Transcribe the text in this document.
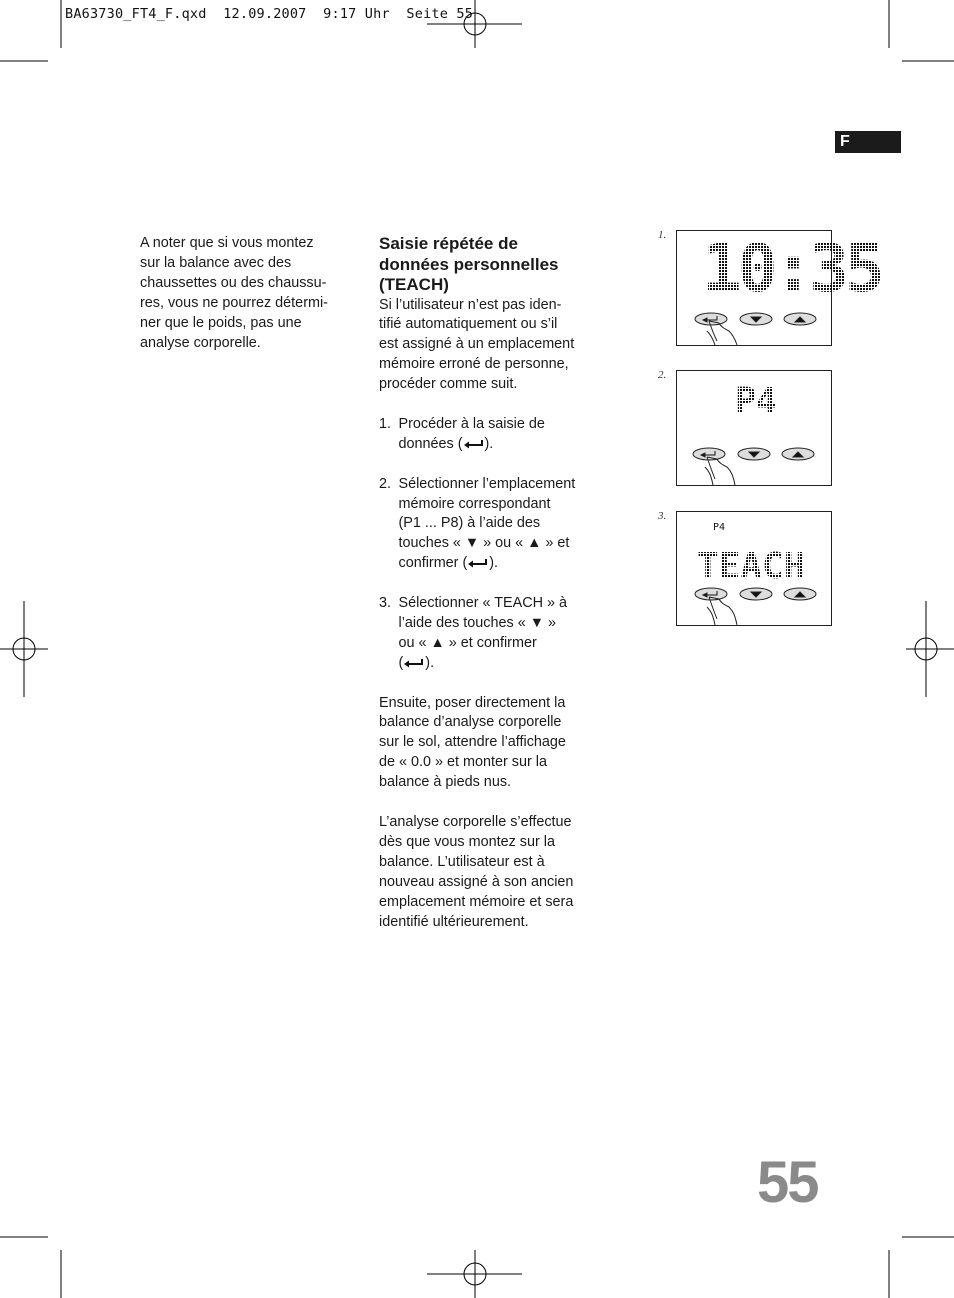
BA63730_FT4_F.qxd  12.09.2007  9:17 Uhr  Seite 55
F

A noter que si vous montez
sur la balance avec des
chaussettes ou des chaussu-
res, vous ne pourrez détermi-
ner que le poids, pas une
analyse corporelle.

Saisie répétée de
données personnelles
(TEACH)

Si l’utilisateur n’est pas iden-
tifié automatiquement ou s’il
est assigné à un emplacement
mémoire erroné de personne,
procéder comme suit.

1. Procéder à la saisie de
données ( ).
2. Sélectionner l’emplacement
mémoire correspondant
(P1 ... P8) à l’aide des
touches « ▼ » ou « ▲ » et
confirmer ( ).
3. Sélectionner « TEACH » à
l’aide des touches « ▼ »
ou « ▲ » et confirmer
( ).

Ensuite, poser directement la
balance d’analyse corporelle
sur le sol, attendre l’affichage
de « 0.0 » et monter sur la
balance à pieds nus.

L’analyse corporelle s’effectue
dès que vous montez sur la
balance. L’utilisateur est à
nouveau assigné à son ancien
emplacement mémoire et sera
identifié ultérieurement.

1. 10:35
2.
P4
3.
P4
TEACH
55
